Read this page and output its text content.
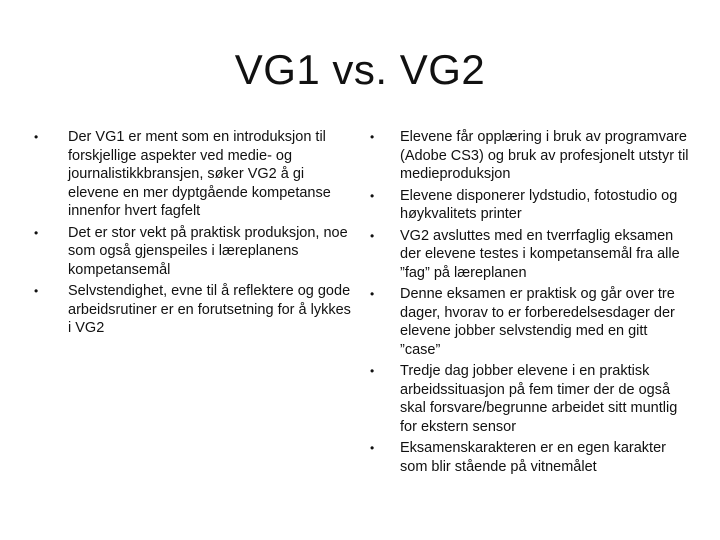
VG1 vs. VG2
• Der VG1 er ment som en introduksjon til forskjellige aspekter ved medie- og journalistikkbransjen, søker VG2 å gi elevene en mer dyptgående kompetanse innenfor hvert fagfelt
• Det er stor vekt på praktisk produksjon, noe som også gjenspeiles i læreplanens kompetansemål
• Selvstendighet, evne til å reflektere og gode arbeidsrutiner er en forutsetning for å lykkes i VG2
• Elevene får opplæring i bruk av programvare (Adobe CS3) og bruk av profesjonelt utstyr til medieproduksjon
• Elevene disponerer lydstudio, fotostudio og høykvalitets printer
• VG2 avsluttes med en tverrfaglig eksamen der elevene testes i kompetansemål fra alle ”fag” på læreplanen
• Denne eksamen er praktisk og går over tre dager, hvorav to er forberedelsesdager der elevene jobber selvstendig med en gitt ”case”
• Tredje dag jobber elevene i en praktisk arbeidssituasjon på fem timer der de også skal forsvare/begrunne arbeidet sitt muntlig for ekstern sensor
• Eksamenskarakteren er en egen karakter som blir stående på vitnemålet
